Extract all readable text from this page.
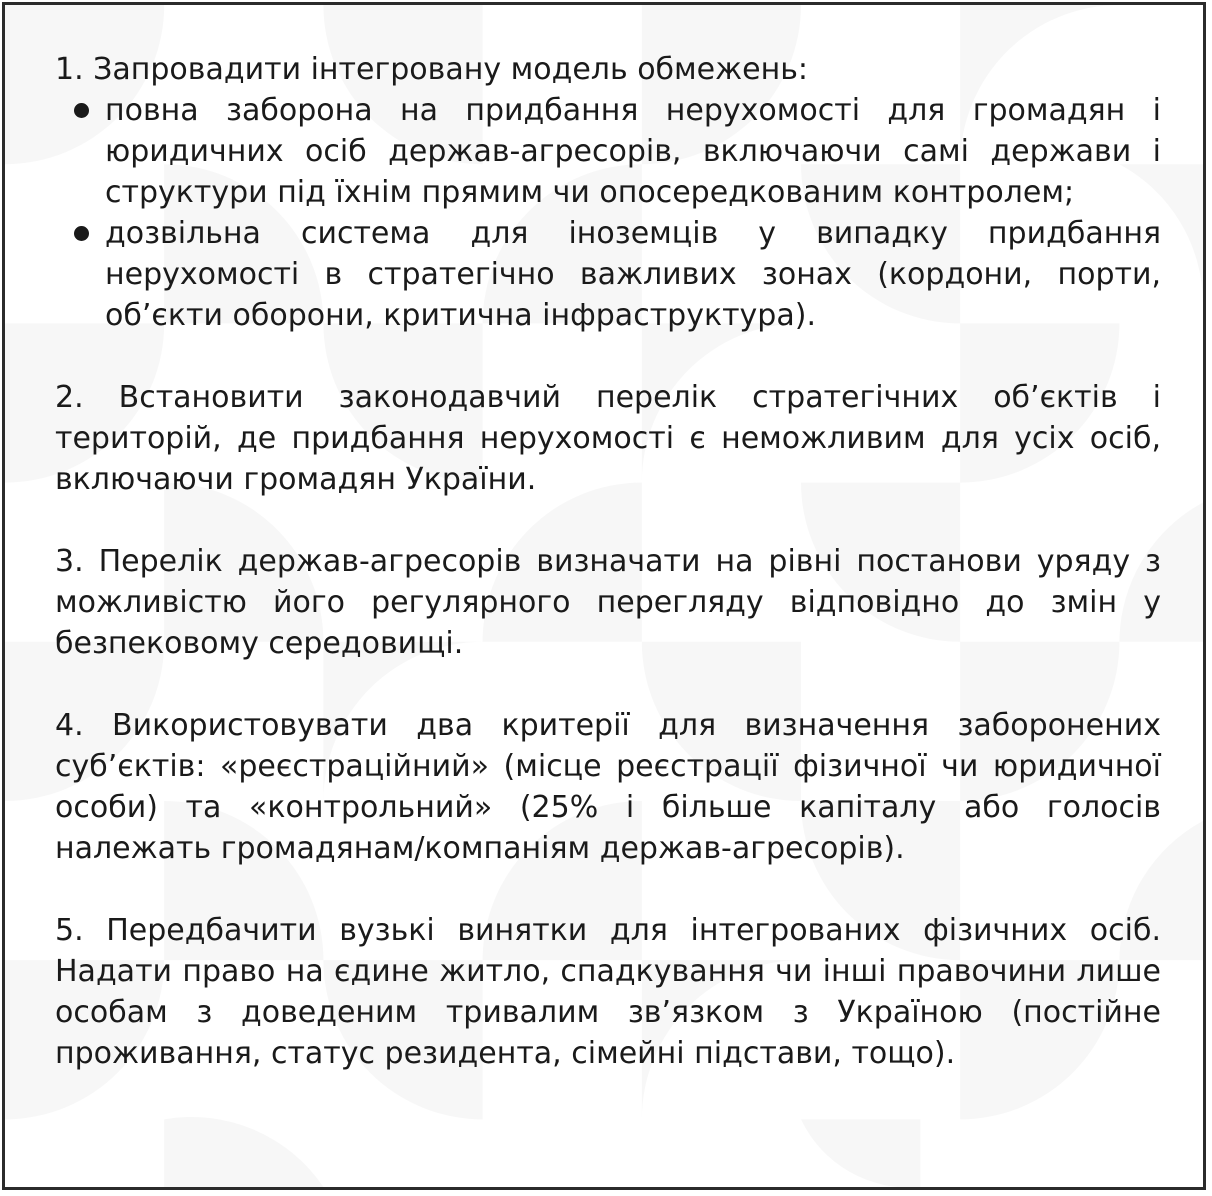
1. Запровадити інтегровану модель обмежень:

повна заборона на придбання нерухомості для громадян і юридичних осіб держав-агресорів, включаючи самі держави і структури під їхнім прямим чи опосередкованим контролем;
дозвільна система для іноземців у випадку придбання нерухомості в стратегічно важливих зонах (кордони, порти, об’єкти оборони, критична інфраструктура).

2. Встановити законодавчий перелік стратегічних об’єктів і територій, де придбання нерухомості є неможливим для усіх осіб, включаючи громадян України.

3. Перелік держав-агресорів визначати на рівні постанови уряду з можливістю його регулярного перегляду відповідно до змін у безпековому середовищі.

4. Використовувати два критерії для визначення заборонених суб’єктів: «реєстраційний» (місце реєстрації фізичної чи юридичної особи) та «контрольний» (25% і більше капіталу або голосів належать громадянам/компаніям держав-агресорів).

5. Передбачити вузькі винятки для інтегрованих фізичних осіб. Надати право на єдине житло, спадкування чи інші правочини лише особам з доведеним тривалим зв’язком з Україною (постійне проживання, статус резидента, сімейні підстави, тощо).
